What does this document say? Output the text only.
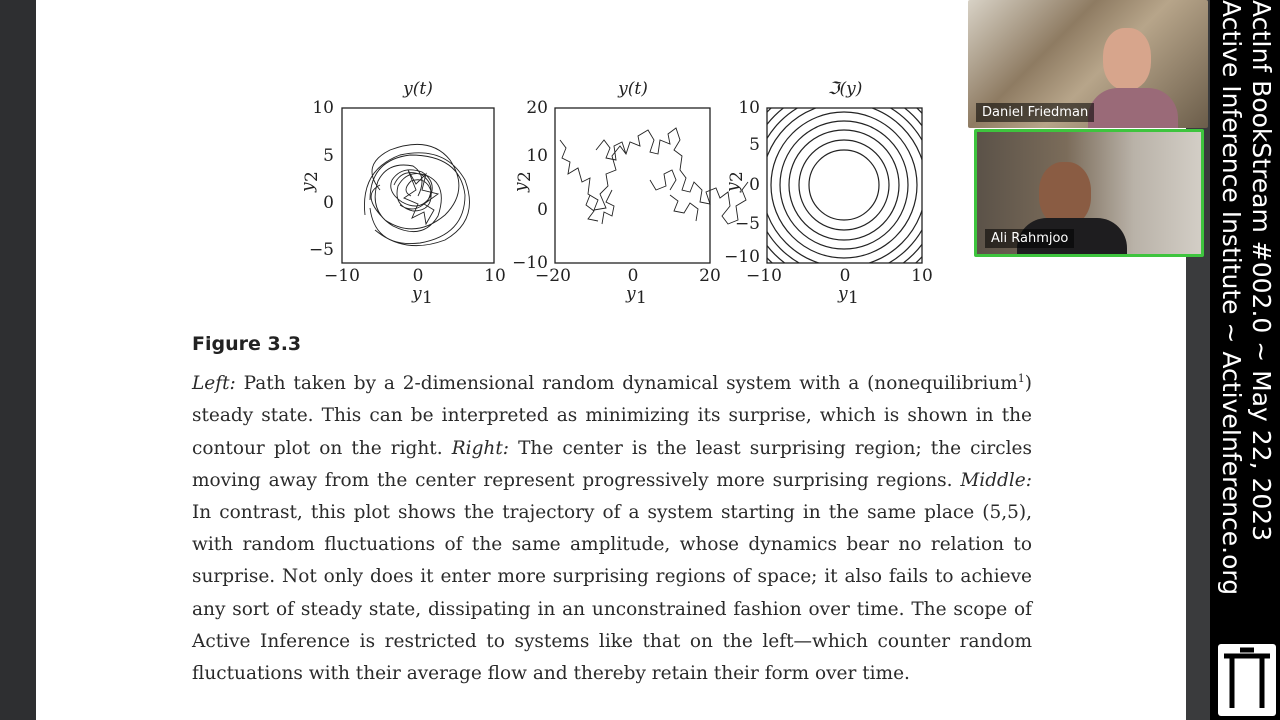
y(t)
10
5
0
−5
−10	0	10
y 1
y
2
y(t)
20
10
0
−10
−20	0	20
y 1
y
2
ℑ(y)
10
5
0
−5
−10
−10	0	10
y 1
y
2

Figure 3.3

Left: Path taken by a 2-dimensional random dynamical system with a (nonequilibrium$^1$) steady state. This can be interpreted as minimizing its surprise, which is shown in the contour plot on the right. Right: The center is the least surprising region; the circles moving away from the center represent progressively more surprising regions. Middle: In contrast, this plot shows the trajectory of a system starting in the same place (5,5), with random fluctuations of the same amplitude, whose dynamics bear no relation to surprise. Not only does it enter more surprising regions of space; it also fails to achieve any sort of steady state, dissipating in an unconstrained fashion over time. The scope of Active Inference is restricted to systems like that on the left—which counter random fluctuations with their average flow and thereby retain their form over time.

Daniel Friedman
Ali Rahmjoo	ActInf BookStream #002.0 ~ May 22, 2023
Active Inference Institute ~ ActiveInference.org
